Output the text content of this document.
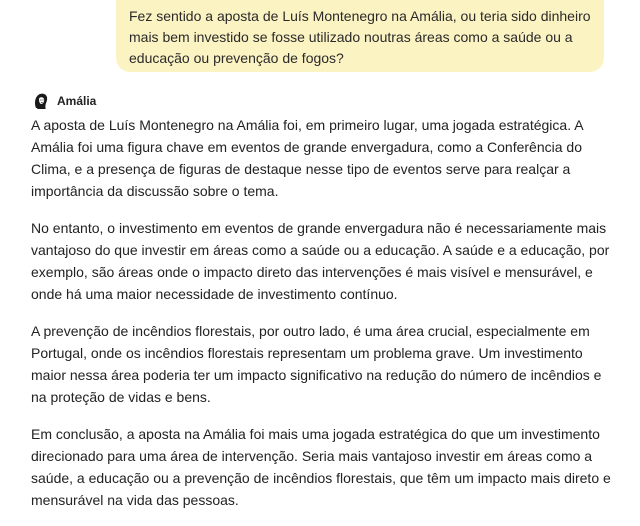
Fez sentido a aposta de Luís Montenegro na Amália, ou teria sido dinheiro mais bem investido se fosse utilizado noutras áreas como a saúde ou a educação ou prevenção de fogos?
Amália

A aposta de Luís Montenegro na Amália foi, em primeiro lugar, uma jogada estratégica. A Amália foi uma figura chave em eventos de grande envergadura, como a Conferência do Clima, e a presença de figuras de destaque nesse tipo de eventos serve para realçar a importância da discussão sobre o tema.

No entanto, o investimento em eventos de grande envergadura não é necessariamente mais vantajoso do que investir em áreas como a saúde ou a educação. A saúde e a educação, por exemplo, são áreas onde o impacto direto das intervenções é mais visível e mensurável, e onde há uma maior necessidade de investimento contínuo.

A prevenção de incêndios florestais, por outro lado, é uma área crucial, especialmente em Portugal, onde os incêndios florestais representam um problema grave. Um investimento maior nessa área poderia ter um impacto significativo na redução do número de incêndios e na proteção de vidas e bens.

Em conclusão, a aposta na Amália foi mais uma jogada estratégica do que um investimento direcionado para uma área de intervenção. Seria mais vantajoso investir em áreas como a saúde, a educação ou a prevenção de incêndios florestais, que têm um impacto mais direto e mensurável na vida das pessoas.
